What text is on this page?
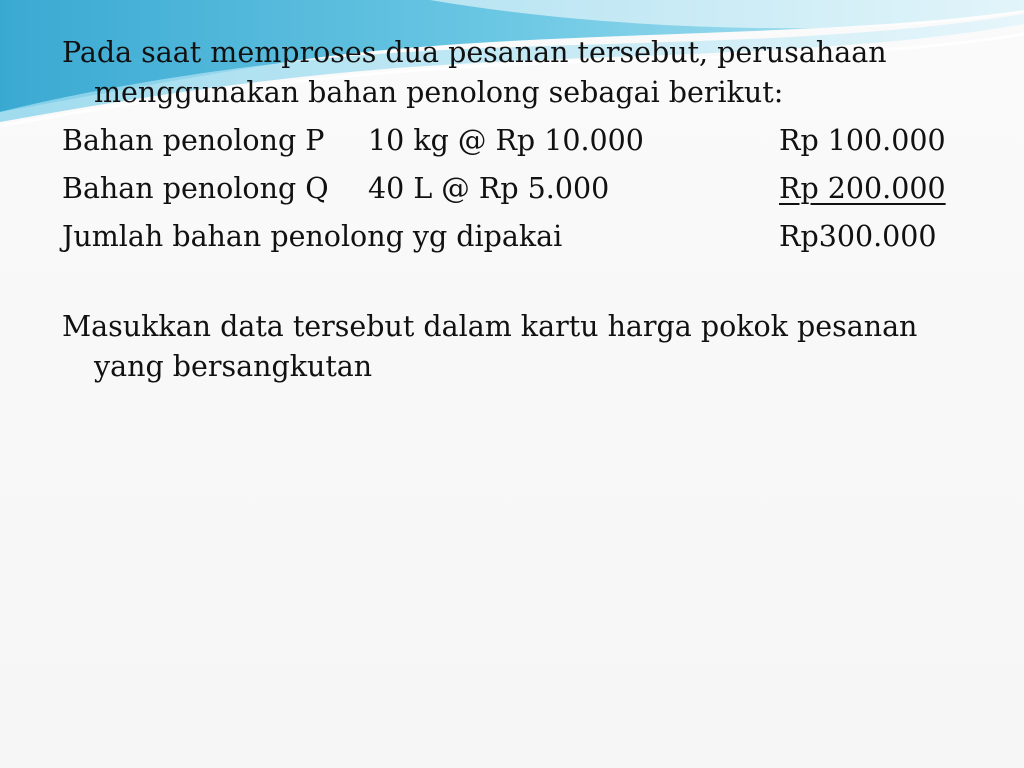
Pada saat memproses dua pesanan tersebut, perusahaan menggunakan bahan penolong sebagai berikut:

Bahan penolong P 10 kg @ Rp 10.000	Rp 100.000
Bahan penolong Q 40 L @ Rp 5.000	Rp 200.000
Jumlah bahan penolong yg dipakai	Rp300.000

Masukkan data tersebut dalam kartu harga pokok pesanan yang bersangkutan
